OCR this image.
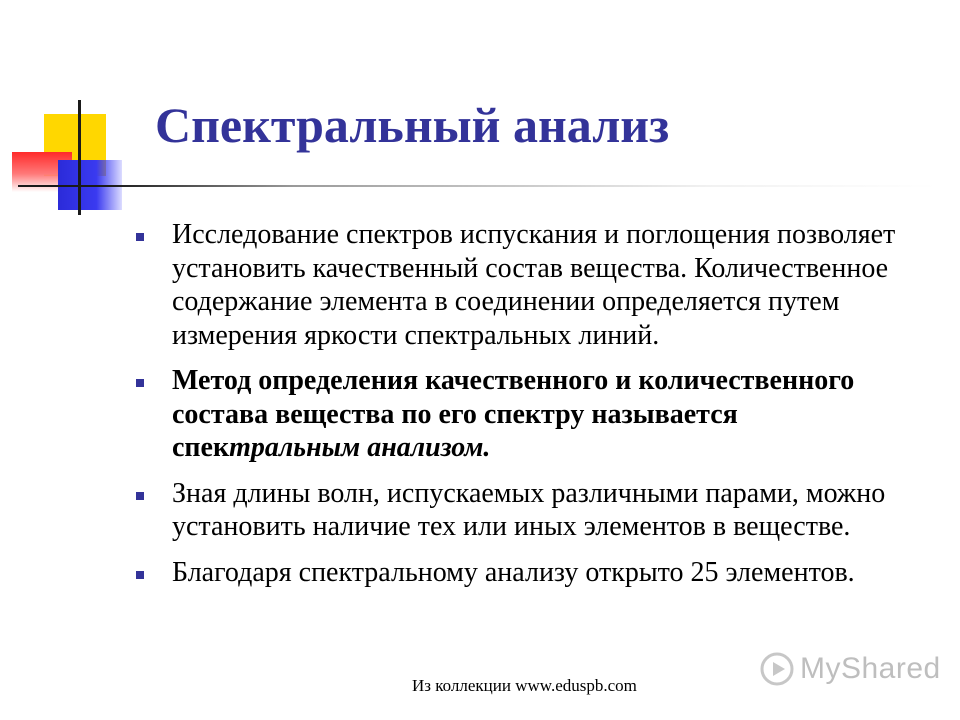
Спектральный анализ
Исследование спектров испускания и поглощения позволяет установить качественный состав вещества. Количественное содержание элемента в соединении определяется путем измерения яркости спектральных линий.
Метод определения качественного и количественного состава вещества по его спектру называется спектральным анализом.
Зная длины волн, испускаемых различными парами, можно установить наличие тех или иных элементов в веществе.
Благодаря спектральному анализу открыто 25 элементов.
MyShared
Из коллекции www.eduspb.com
